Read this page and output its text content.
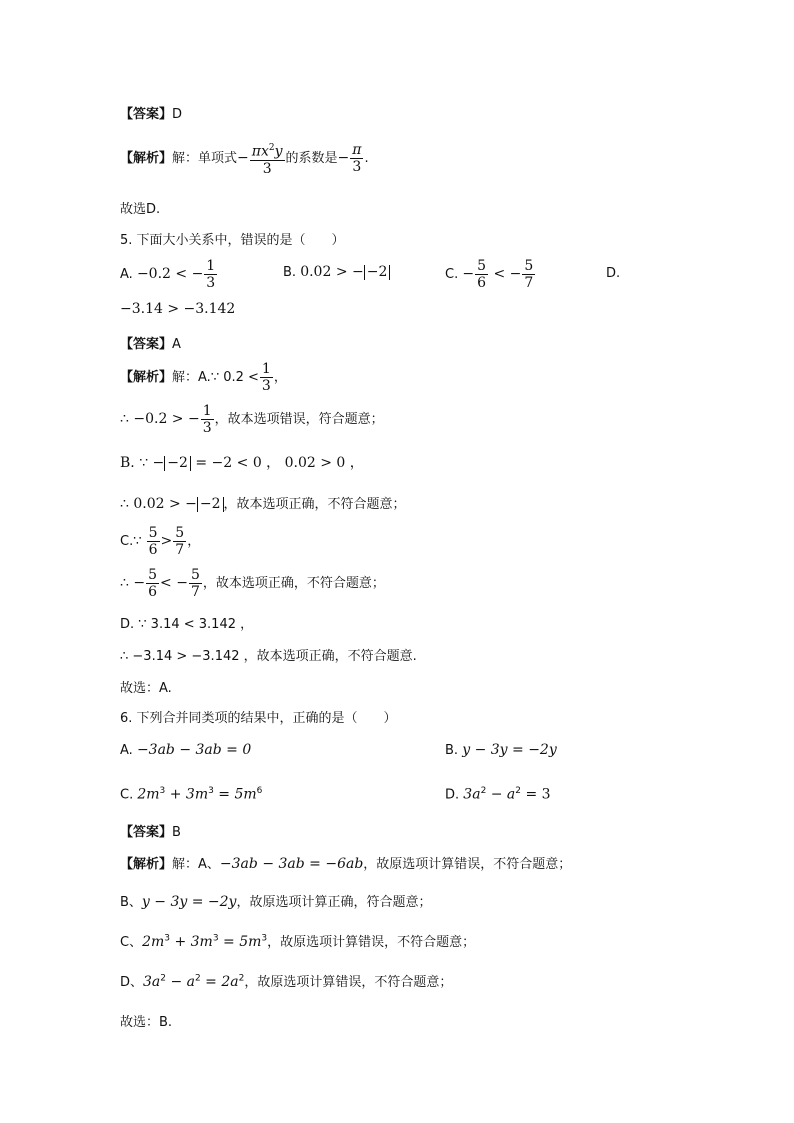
【答案】D
【解析】解：单项式− $\frac{\pi x^2y}{3}$ 的系数是− $\frac{\pi}{3}$ .
故选D.
5. 下面大小关系中，错误的是（　　）
A. −0.2 < − $\frac{1}{3}$	B. 0.02 > − −2	C. − $\frac{5}{6}$ < − $\frac{5}{7}$	D.
−3.14 > −3.142
【答案】A
【解析】解：A.∵ $0.2 < \frac{1}{3}$ ，
∴ −0.2 > − $\frac{1}{3}$ ，故本选项错误，符合题意；
B. ∵ − −2 = −2 < 0 ， 0.02 > 0 ，
∴ 0.02 > − −2 ，故本选项正确，不符合题意；
C.∵ $\frac{5}{6} > \frac{5}{7}$ ，
∴ − $\frac{5}{6}$ < − $\frac{5}{7}$ ，故本选项正确，不符合题意；
D. ∵ 3.14 < 3.142 ，
∴ −3.14 > −3.142 ，故本选项正确，不符合题意.
故选：A.
6. 下列合并同类项的结果中，正确的是（　　）
A. −3ab − 3ab = 0	B. y − 3y = −2y
C. $2m^3 + 3m^3 = 5m^6$	D. $3a^2 - a^2 = 3$
【答案】B
【解析】解：A、−3ab − 3ab = −6ab，故原选项计算错误，不符合题意；
B、y − 3y = −2y，故原选项计算正确，符合题意；
C、$2m^3 + 3m^3 = 5m^3$，故原选项计算错误，不符合题意；
D、$3a^2 - a^2 = 2a^2$，故原选项计算错误，不符合题意；
故选：B.
